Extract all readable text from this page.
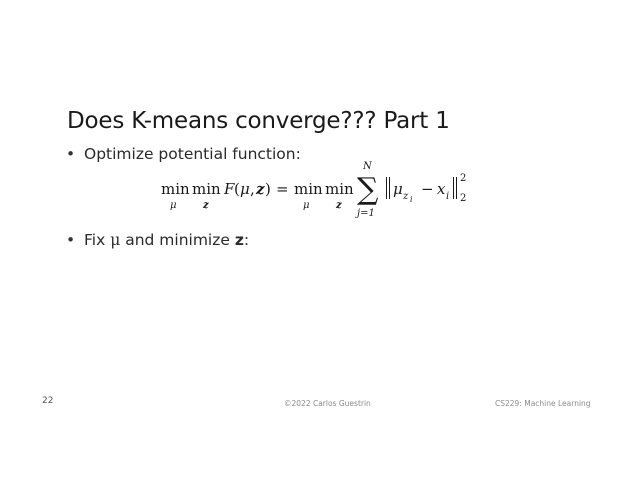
Does K-means converge??? Part 1
• Optimize potential function:
min
μ
min
z
F ( μ , z ) = min
μ
min
z
N
∑
j=1
μ z i
− x i
2
2
• Fix μ and minimize z:
22	©2022 Carlos Guestrin	CS229: Machine Learning
